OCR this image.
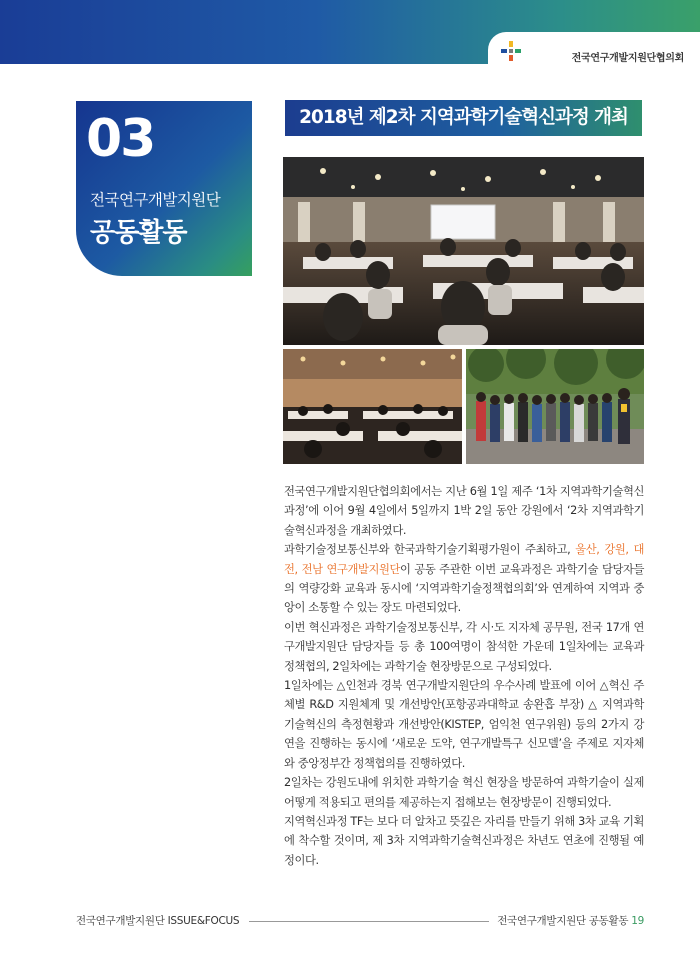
전국연구개발지원단협의회
03
전국연구개발지원단
공동활동
2018년 제2차 지역과학기술혁신과정 개최

전국연구개발지원단협의회에서는 지난 6월 1일 제주 ‘1차 지역과학기술혁신과정’에 이어 9월 4일에서 5일까지 1박 2일 동안 강원에서 ‘2차 지역과학기술혁신과정을 개최하였다.

과학기술정보통신부와 한국과학기술기획평가원이 주최하고, 울산, 강원, 대전, 전남 연구개발지원단이 공동 주관한 이번 교육과정은 과학기술 담당자들의 역량강화 교육과 동시에 ‘지역과학기술정책협의회’와 연계하여 지역과 중앙이 소통할 수 있는 장도 마련되었다.

이번 혁신과정은 과학기술정보통신부, 각 시·도 지자체 공무원, 전국 17개 연구개발지원단 담당자들 등 총 100여명이 참석한 가운데 1일차에는 교육과 정책협의, 2일차에는 과학기술 현장방문으로 구성되었다.

1일차에는 △인천과 경북 연구개발지원단의 우수사례 발표에 이어 △혁신 주체별 R&D 지원체계 및 개선방안(포항공과대학교 송완흡 부장) △ 지역과학기술혁신의 측정현황과 개선방안(KISTEP, 엄익천 연구위원) 등의 2가지 강연을 진행하는 동시에 ‘새로운 도약, 연구개발특구 신모델’을 주제로 지자체와 중앙정부간 정책협의를 진행하였다.

2일차는 강원도내에 위치한 과학기술 혁신 현장을 방문하여 과학기술이 실제 어떻게 적용되고 편의를 제공하는지 접해보는 현장방문이 진행되었다.

지역혁신과정 TF는 보다 더 알차고 뜻깊은 자리를 만들기 위해 3차 교육 기획에 착수할 것이며, 제 3차 지역과학기술혁신과정은 차년도 연초에 진행될 예정이다.

전국연구개발지원단 ISSUE&FOCUS	전국연구개발지원단 공동활동 19
